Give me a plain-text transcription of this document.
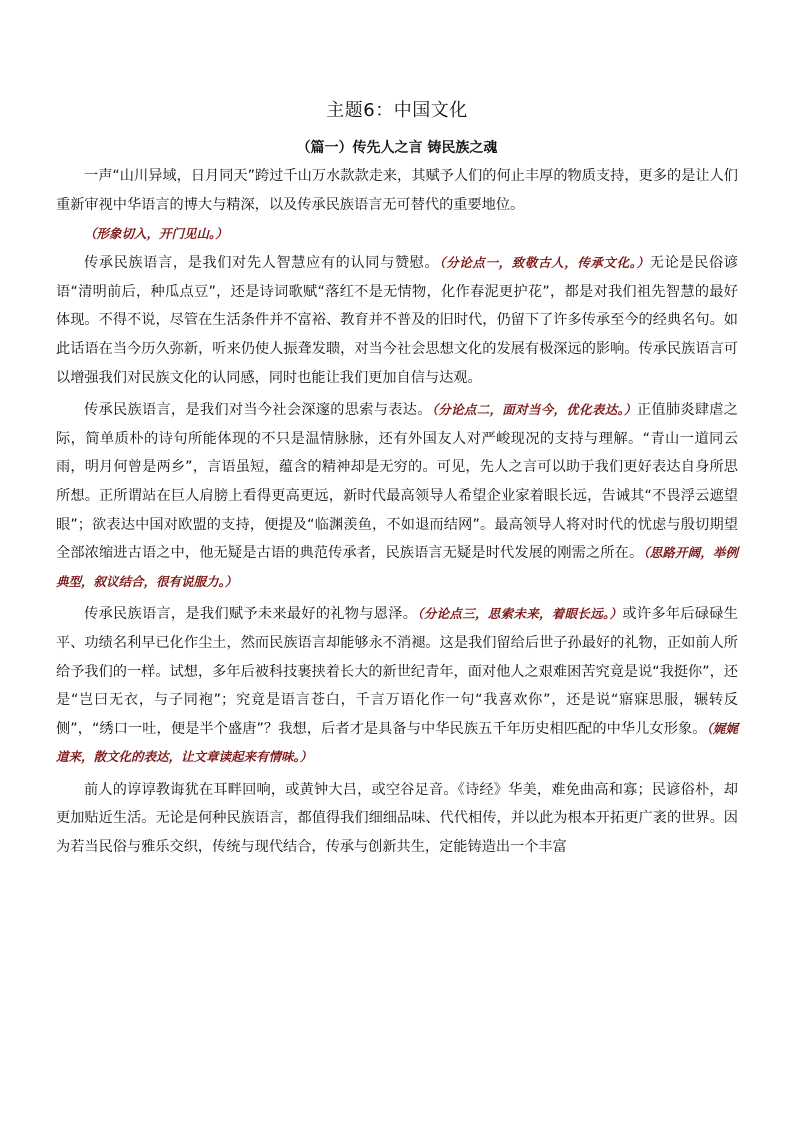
主题6：中国文化
（篇一）传先人之言 铸民族之魂

一声“山川异域，日月同天”跨过千山万水款款走来，其赋予人们的何止丰厚的物质支持，更多的是让人们重新审视中华语言的博大与精深，以及传承民族语言无可替代的重要地位。

（形象切入，开门见山。）

传承民族语言，是我们对先人智慧应有的认同与赞慰。（分论点一，致敬古人，传承文化。）无论是民俗谚语“清明前后，种瓜点豆”，还是诗词歌赋“落红不是无情物，化作春泥更护花”，都是对我们祖先智慧的最好体现。不得不说，尽管在生活条件并不富裕、教育并不普及的旧时代，仍留下了许多传承至今的经典名句。如此话语在当今历久弥新，听来仍使人振聋发聩，对当今社会思想文化的发展有极深远的影响。传承民族语言可以增强我们对民族文化的认同感，同时也能让我们更加自信与达观。

传承民族语言，是我们对当今社会深邃的思索与表达。（分论点二，面对当今，优化表达。）正值肺炎肆虐之际，简单质朴的诗句所能体现的不只是温情脉脉，还有外国友人对严峻现况的支持与理解。“青山一道同云雨，明月何曾是两乡”，言语虽短，蕴含的精神却是无穷的。可见，先人之言可以助于我们更好表达自身所思所想。正所谓站在巨人肩膀上看得更高更远，新时代最高领导人希望企业家着眼长远，告诫其“不畏浮云遮望眼”；欲表达中国对欧盟的支持，便提及“临渊羡鱼，不如退而结网”。最高领导人将对时代的忧虑与殷切期望全部浓缩进古语之中，他无疑是古语的典范传承者，民族语言无疑是时代发展的刚需之所在。（思路开阔，举例典型，叙议结合，很有说服力。）

传承民族语言，是我们赋予未来最好的礼物与恩泽。（分论点三，思索未来，着眼长远。）或许多年后碌碌生平、功绩名利早已化作尘土，然而民族语言却能够永不消褪。这是我们留给后世子孙最好的礼物，正如前人所给予我们的一样。试想，多年后被科技裹挟着长大的新世纪青年，面对他人之艰难困苦究竟是说“我挺你”，还是“岂曰无衣，与子同袍”；究竟是语言苍白，千言万语化作一句“我喜欢你”，还是说“寤寐思服，辗转反侧”，“绣口一吐，便是半个盛唐”？我想，后者才是具备与中华民族五千年历史相匹配的中华儿女形象。（娓娓道来，散文化的表达，让文章读起来有情味。）

前人的谆谆教诲犹在耳畔回响，或黄钟大吕，或空谷足音。《诗经》华美，难免曲高和寡；民谚俗朴，却更加贴近生活。无论是何种民族语言，都值得我们细细品味、代代相传，并以此为根本开拓更广袤的世界。因为若当民俗与雅乐交织，传统与现代结合，传承与创新共生，定能铸造出一个丰富
